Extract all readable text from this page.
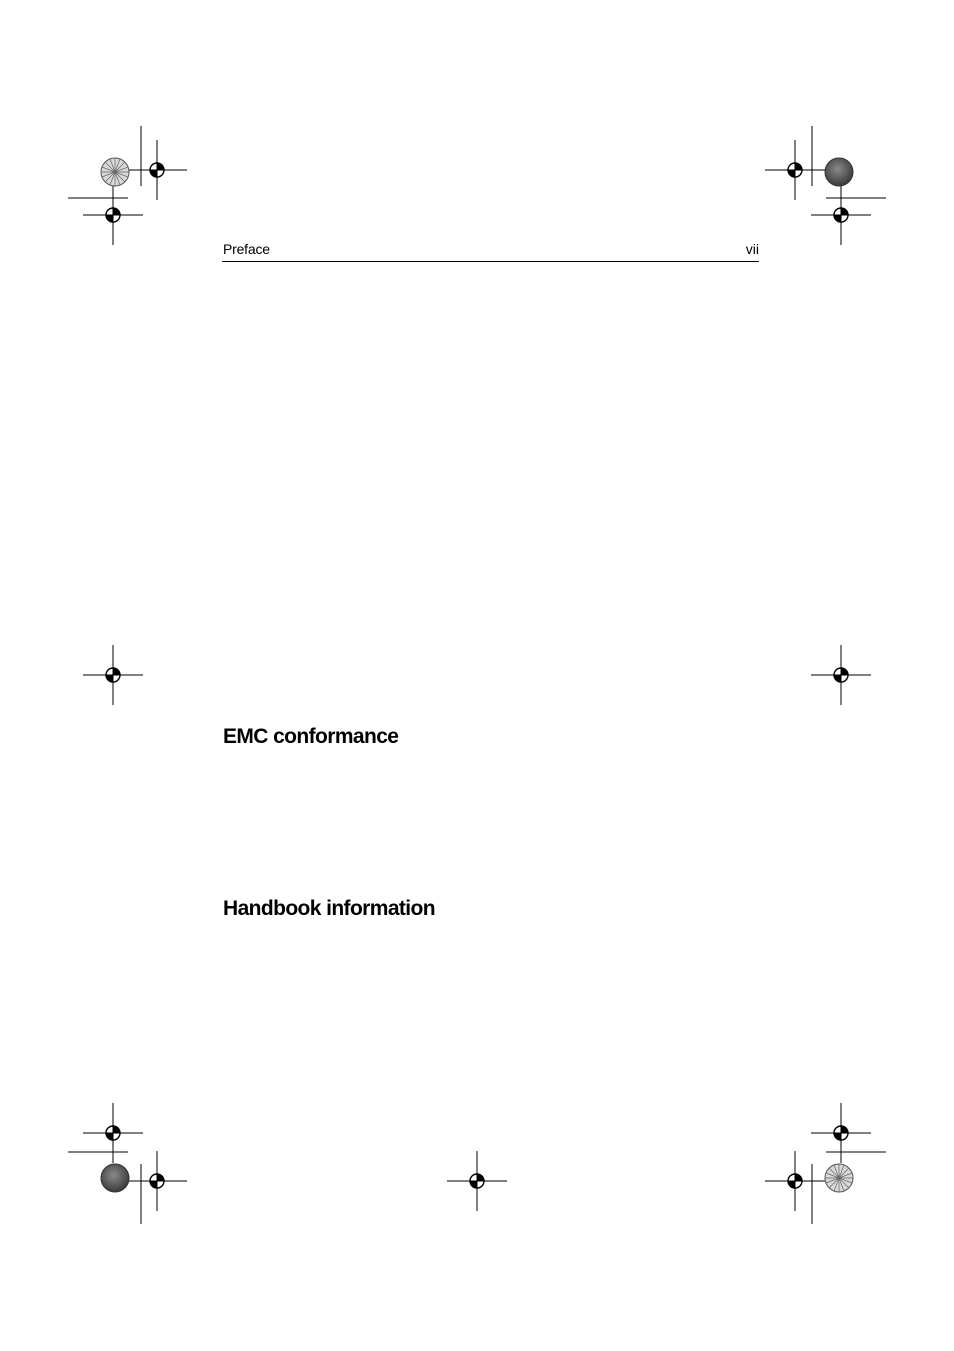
Preface	vii
EMC conformance
Handbook information
